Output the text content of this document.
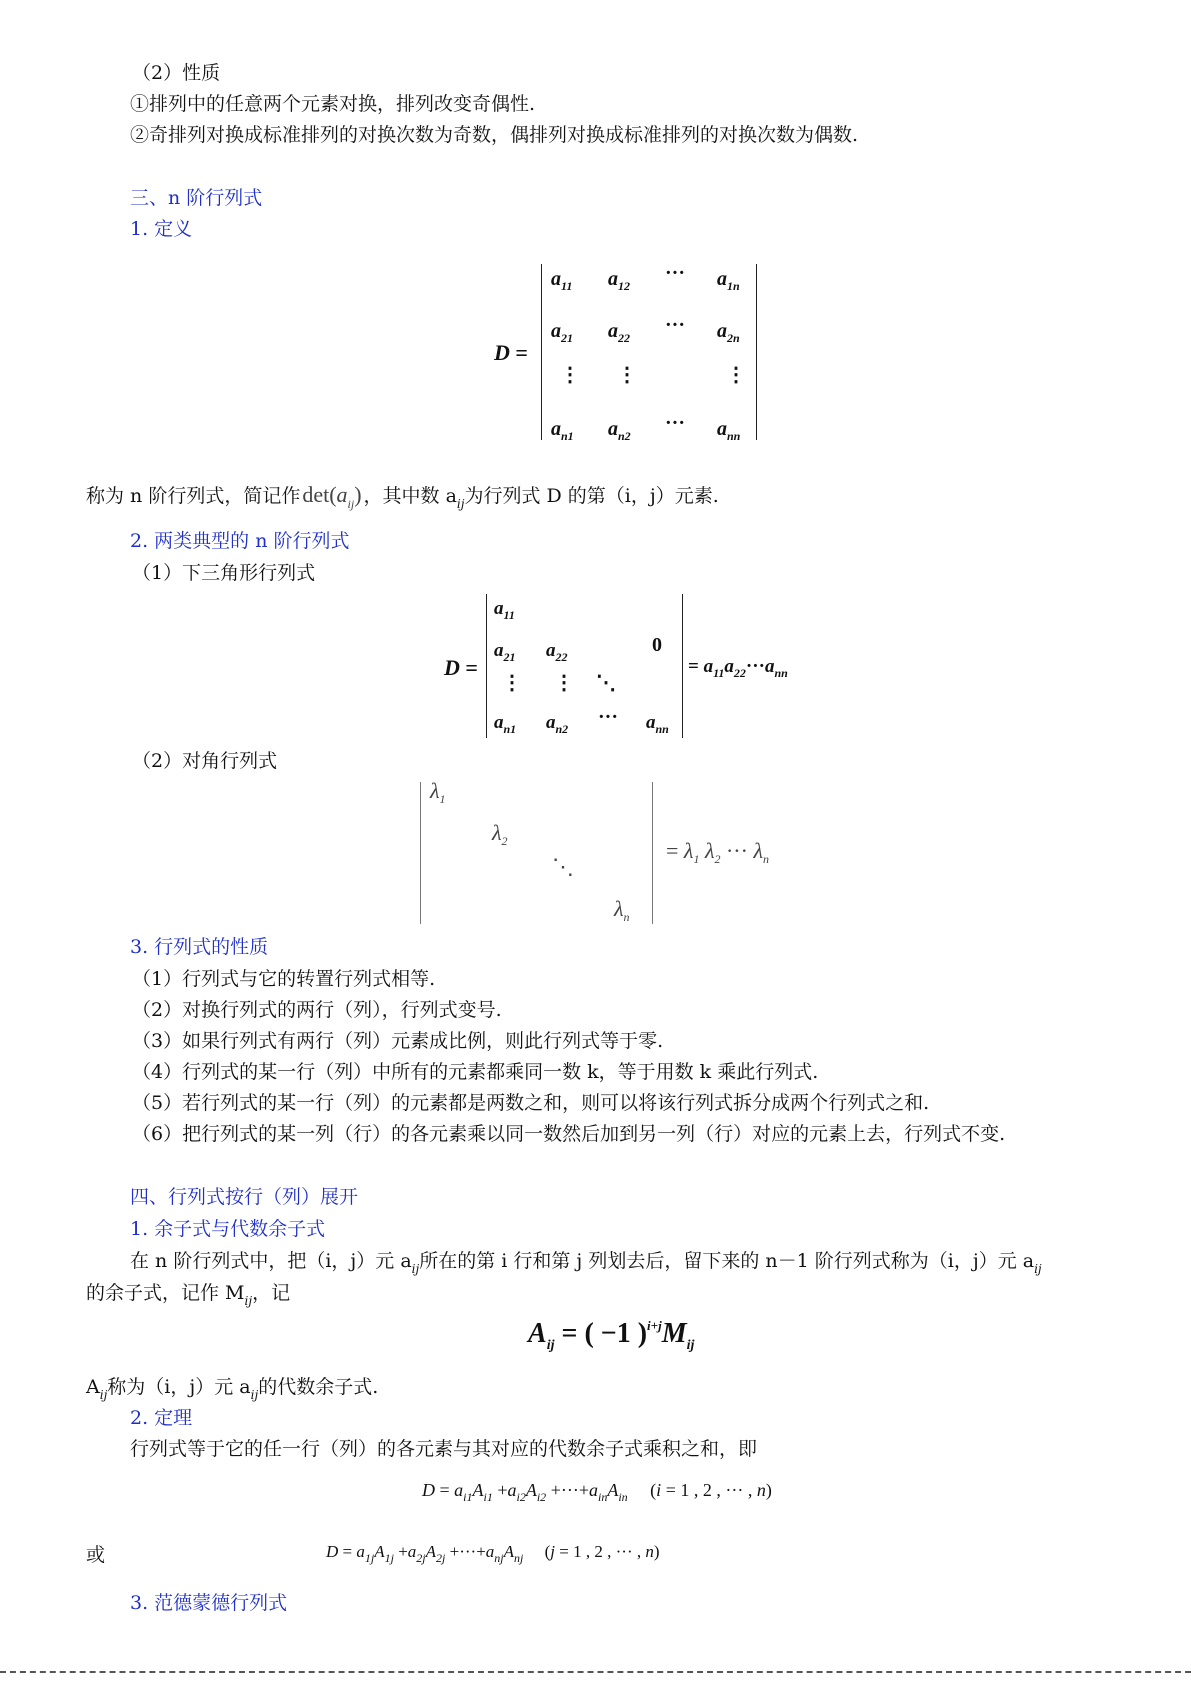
（2）性质
①排列中的任意两个元素对换，排列改变奇偶性.
②奇排列对换成标准排列的对换次数为奇数，偶排列对换成标准排列的对换次数为偶数.
三、n 阶行列式
1. 定义
D =
$a_{11}$ $a_{12}$
··· $a_{1n}$
$a_{21}$ $a_{22}$
··· $a_{2n}$
⋮ ⋮	⋮
$a_{n1}$ $a_{n2}$
··· $a_{nn}$
称为 n 阶行列式，简记作$\det(a_{ij})$ ，其中数 $a_{ij}$为行列式 D 的第（i，j）元素.
2. 两类典型的 n 阶行列式
（1）下三角形行列式
D =
$a_{11}$
$a_{21}$ $a_{22}$
0
⋮ ⋮ ⋱
$a_{n1}$ $a_{n2}$
··· $a_{nn}$
= $a_{11}a_{22}\cdot\cdot\cdot a_{nn}$
（2）对角行列式
$\lambda_1$
$\lambda_2$
⋱
$\lambda_n$
= $\lambda_1$ $\lambda_2$ ··· $\lambda_n$
3. 行列式的性质
（1）行列式与它的转置行列式相等.
（2）对换行列式的两行（列），行列式变号.
（3）如果行列式有两行（列）元素成比例，则此行列式等于零.
（4）行列式的某一行（列）中所有的元素都乘同一数 k，等于用数 k 乘此行列式.
（5）若行列式的某一行（列）的元素都是两数之和，则可以将该行列式拆分成两个行列式之和.
（6）把行列式的某一列（行）的各元素乘以同一数然后加到另一列（行）对应的元素上去，行列式不变.
四、行列式按行（列）展开
1. 余子式与代数余子式
在 n 阶行列式中，把（i，j）元 $a_{ij}$所在的第 i 行和第 j 列划去后，留下来的 n－1 阶行列式称为（i，j）元 $a_{ij}$
的余子式，记作 $M_{ij}$，记
$A_{ij}$ = ( −1 )$^{i+j}M_{ij}$
$A_{ij}$称为（i，j）元 $a_{ij}$的代数余子式.
2. 定理
行列式等于它的任一行（列）的各元素与其对应的代数余子式乘积之和，即
$D = a_{i1}A_{i1} +a_{i2}A_{i2} +\cdot\cdot\cdot+a_{in}A_{in}$ (i = 1 , 2 , ··· , n)
或	$D = a_{1j}A_{1j} +a_{2j}A_{2j} +\cdot\cdot\cdot+a_{nj}A_{nj}$ (j = 1 , 2 , ··· , n)
3. 范德蒙德行列式
